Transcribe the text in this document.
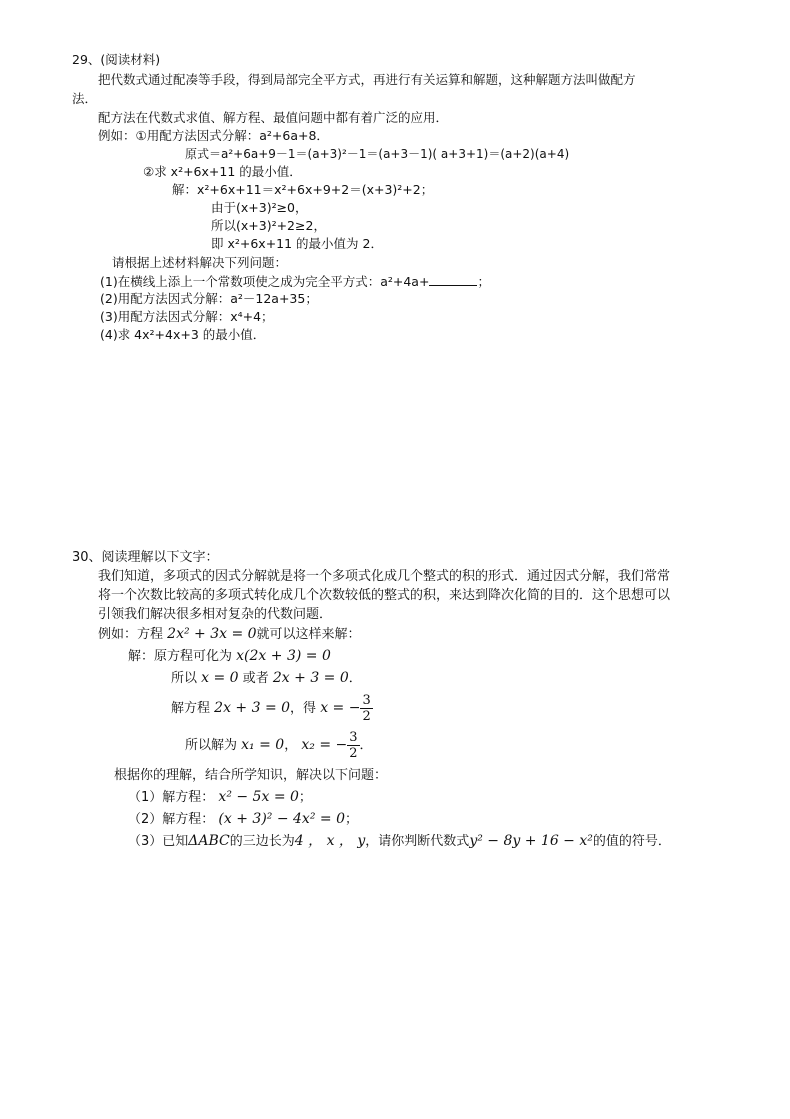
29、(阅读材料)
把代数式通过配凑等手段，得到局部完全平方式，再进行有关运算和解题，这种解题方法叫做配方
法．
配方法在代数式求值、解方程、最值问题中都有着广泛的应用．
例如：①用配方法因式分解：a²+6a+8．
原式＝a²+6a+9－1＝(a+3)²－1＝(a+3－1)( a+3+1)＝(a+2)(a+4)
②求 x²+6x+11 的最小值．
解：x²+6x+11＝x²+6x+9+2＝(x+3)²+2；
由于(x+3)²≥0，
所以(x+3)²+2≥2，
即 x²+6x+11 的最小值为 2．
请根据上述材料解决下列问题：
(1)在横线上添上一个常数项使之成为完全平方式：a²+4a+	；
(2)用配方法因式分解：a²－12a+35；
(3)用配方法因式分解：x⁴+4；
(4)求 4x²+4x+3 的最小值．
30、阅读理解以下文字：
我们知道，多项式的因式分解就是将一个多项式化成几个整式的积的形式．通过因式分解，我们常常
将一个次数比较高的多项式转化成几个次数较低的整式的积，来达到降次化简的目的．这个思想可以
引领我们解决很多相对复杂的代数问题．
例如：方程 2x² + 3x = 0就可以这样来解：
解：原方程可化为 x(2x + 3) = 0
所以 x = 0 或者 2x + 3 = 0．
解方程 2x + 3 = 0，得 x = − $\frac{3}{2}$
所以解为 x₁ = 0， x₂ = − $\frac{3}{2}$ ．
根据你的理解，结合所学知识，解决以下问题：
（1）解方程： x² − 5x = 0；
（2）解方程： (x + 3)² − 4x² = 0；
（3）已知ΔABC的三边长为4 ， x ， y，请你判断代数式y² − 8y + 16 − x²的值的符号．
